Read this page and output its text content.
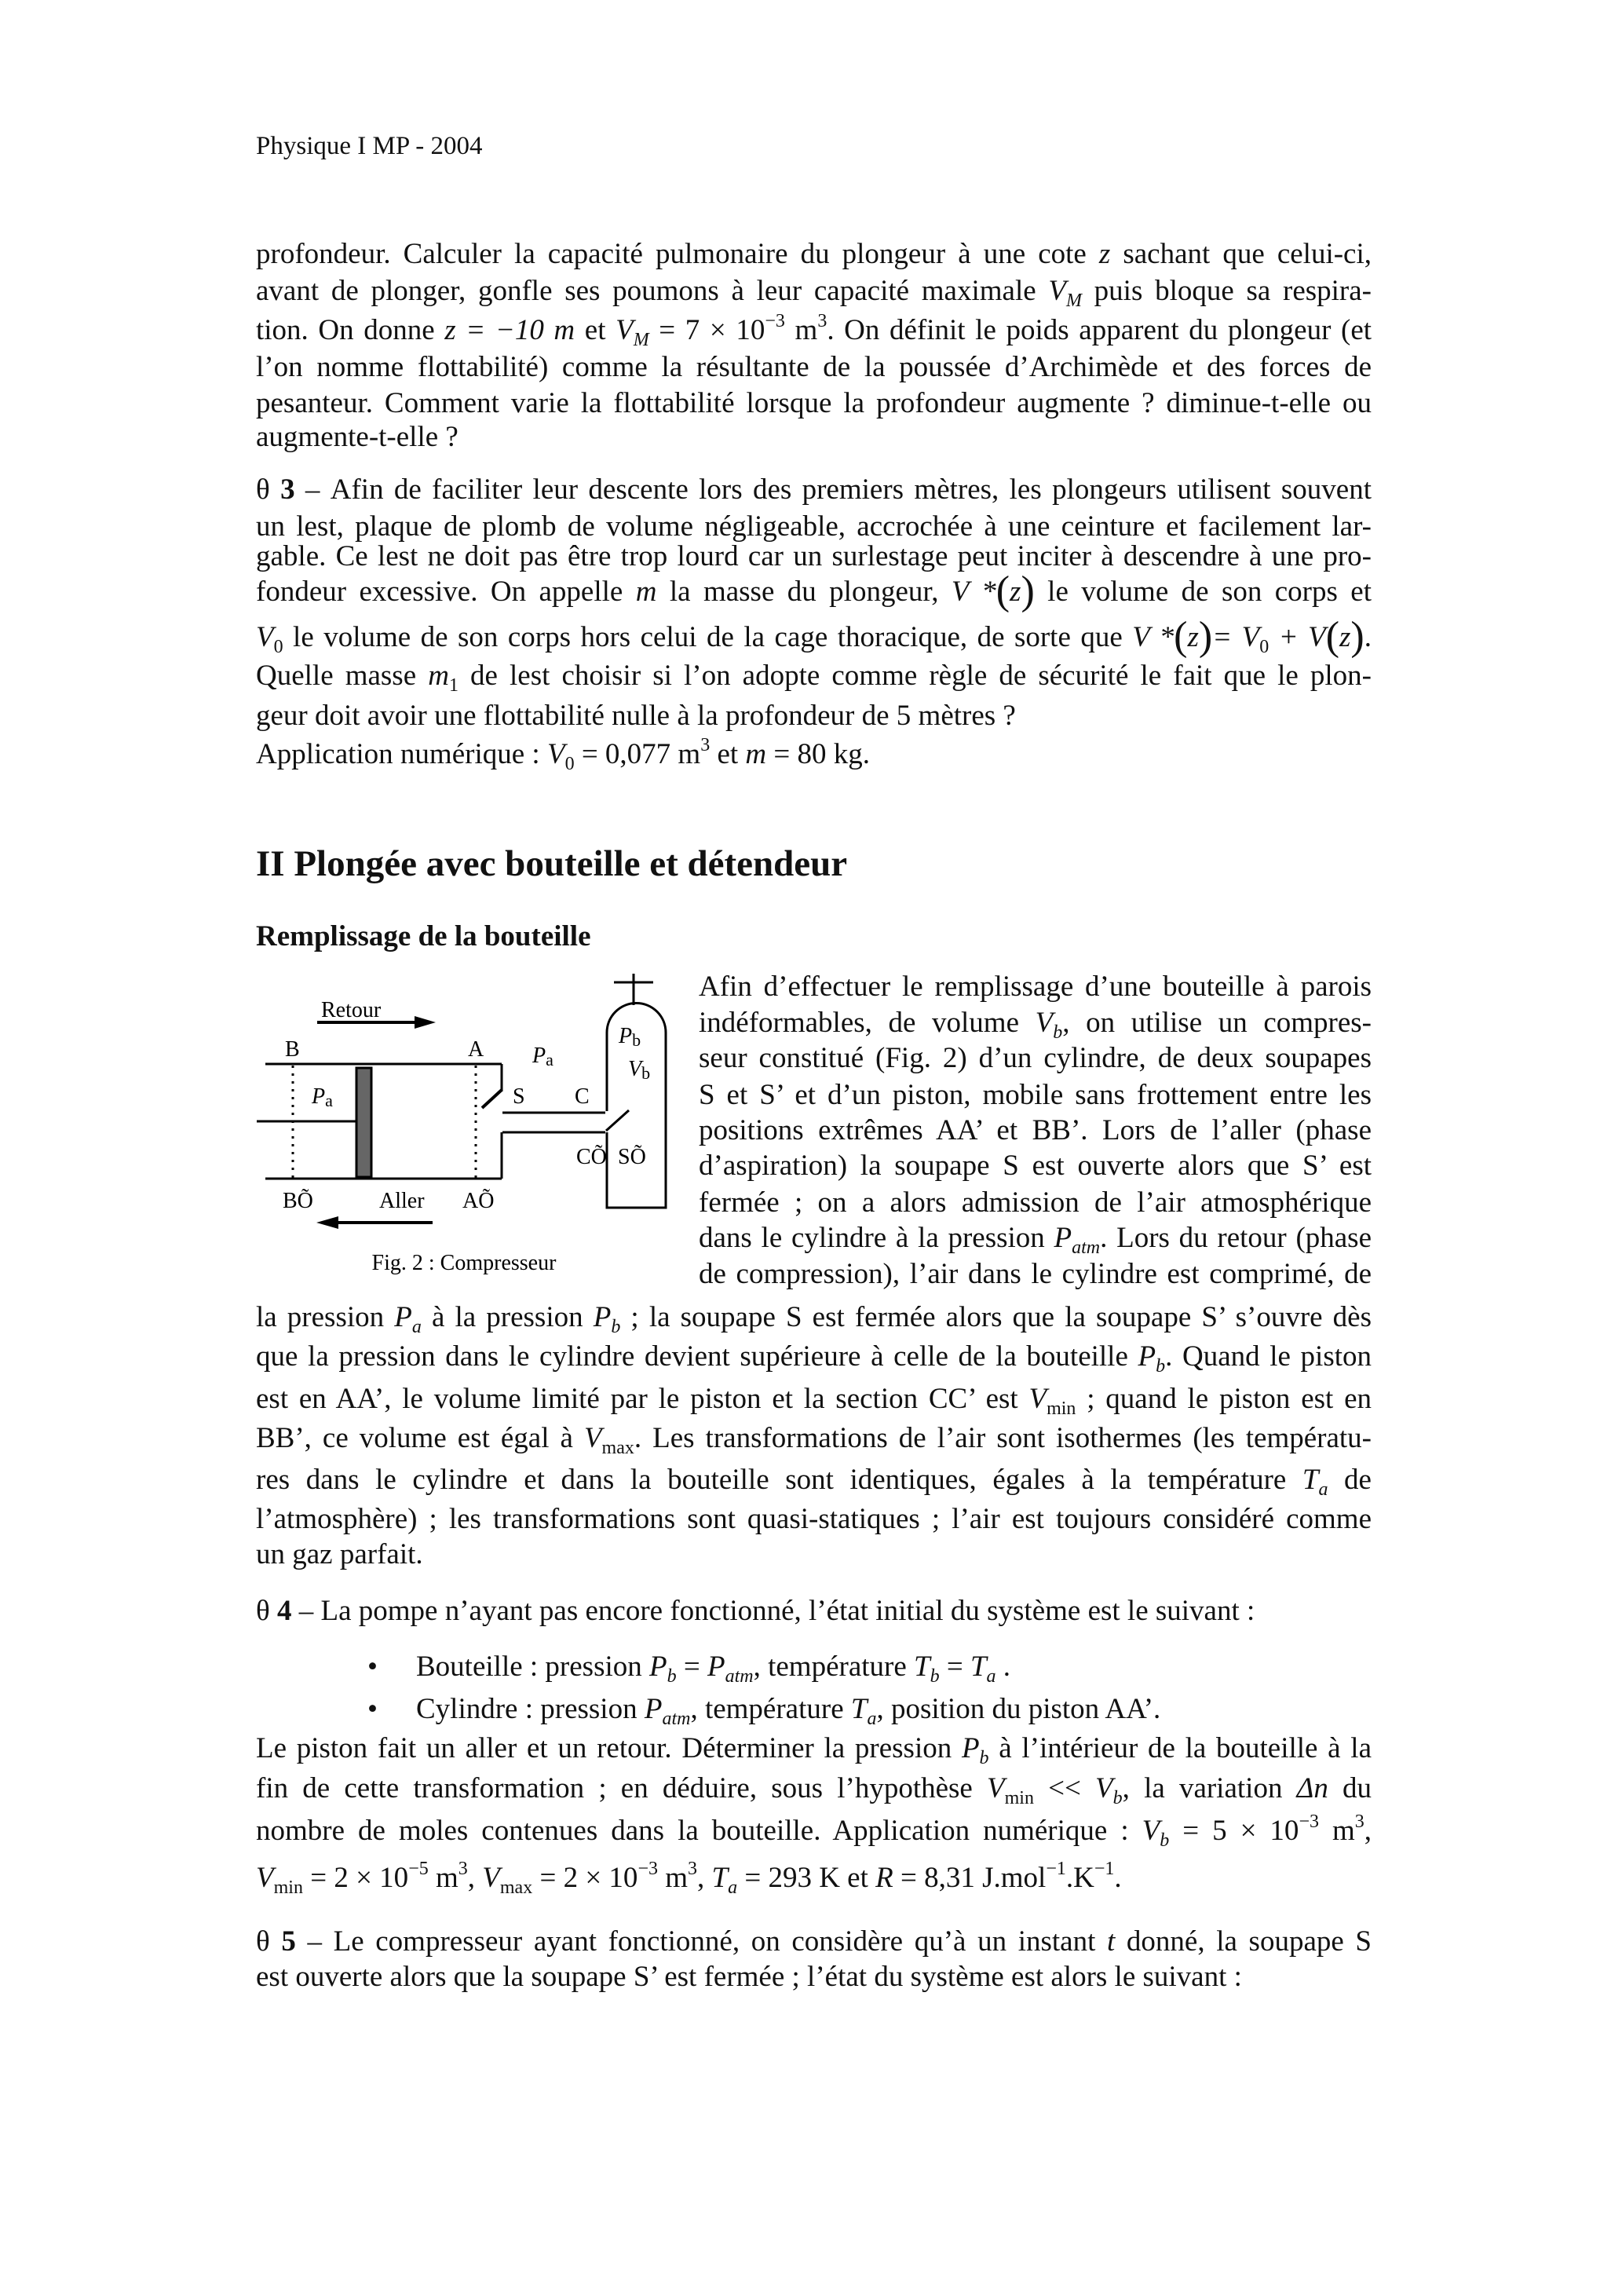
Physique I MP - 2004
profondeur. Calculer la capacité pulmonaire du plongeur à une cote z sachant que celui-ci,
avant de plonger, gonfle ses poumons à leur capacité maximale $V_M$ puis bloque sa respira-
tion. On donne z = −10 m et $V_M = 7 \times 10^{-3}$ $m^3$. On définit le poids apparent du plongeur (et
l’on nomme flottabilité) comme la résultante de la poussée d’Archimède et des forces de
pesanteur. Comment varie la flottabilité lorsque la profondeur augmente ? diminue-t-elle ou
augmente-t-elle ?
θ 3 – Afin de faciliter leur descente lors des premiers mètres, les plongeurs utilisent souvent
un lest, plaque de plomb de volume négligeable, accrochée à une ceinture et facilement lar-
gable. Ce lest ne doit pas être trop lourd car un surlestage peut inciter à descendre à une pro-
fondeur excessive. On appelle m la masse du plongeur, V *(z) le volume de son corps et
$V_0$ le volume de son corps hors celui de la cage thoracique, de sorte que V $*(z)= V_0 + V(z)$.
Quelle masse $m_1$ de lest choisir si l’on adopte comme règle de sécurité le fait que le plon-
geur doit avoir une flottabilité nulle à la profondeur de 5 mètres ?
Application numérique : $V_0 = 0,077$ $m^3$ et m = 80 kg.
II Plongée avec bouteille et détendeur
Remplissage de la bouteille
Retour
B	A
Pa
Pa
Pb
Vb
S C
CÕ SÕ
BÕ	Aller AÕ
Fig. 2 : Compresseur
Afin d’effectuer le remplissage d’une bouteille à parois
indéformables, de volume $V_b$, on utilise un compres-
seur constitué (Fig. 2) d’un cylindre, de deux soupapes
S et S’ et d’un piston, mobile sans frottement entre les
positions extrêmes AA’ et BB’. Lors de l’aller (phase
d’aspiration) la soupape S est ouverte alors que S’ est
fermée ; on a alors admission de l’air atmosphérique
dans le cylindre à la pression $P_{atm}$. Lors du retour (phase
de compression), l’air dans le cylindre est comprimé, de
la pression $P_a$ à la pression $P_b$ ; la soupape S est fermée alors que la soupape S’ s’ouvre dès
que la pression dans le cylindre devient supérieure à celle de la bouteille $P_b$. Quand le piston
est en AA’, le volume limité par le piston et la section CC’ est $V_{min}$ ; quand le piston est en
BB’, ce volume est égal à $V_{max}$. Les transformations de l’air sont isothermes (les températu-
res dans le cylindre et dans la bouteille sont identiques, égales à la température $T_a$ de
l’atmosphère) ; les transformations sont quasi-statiques ; l’air est toujours considéré comme
un gaz parfait.
θ 4 – La pompe n’ayant pas encore fonctionné, l’état initial du système est le suivant :
• Bouteille : pression $P_b = P_{atm}$, température $T_b = T_a$ .
• Cylindre : pression $P_{atm}$, température $T_a$, position du piston AA’.
Le piston fait un aller et un retour. Déterminer la pression $P_b$ à l’intérieur de la bouteille à la
fin de cette transformation ; en déduire, sous l’hypothèse $V_{min} << V_b$, la variation Δn du
nombre de moles contenues dans la bouteille. Application numérique : $V_b = 5 \times 10^{-3}$ $m^3$,
$V_{min} = 2 \times 10^{-5}$ $m^3$, $V_{max} = 2 \times 10^{-3}$ $m^3$, $T_a = 293$ K et R = 8,31 $J.mol^{-1}.K^{-1}$.
θ 5 – Le compresseur ayant fonctionné, on considère qu’à un instant t donné, la soupape S
est ouverte alors que la soupape S’ est fermée ; l’état du système est alors le suivant :
